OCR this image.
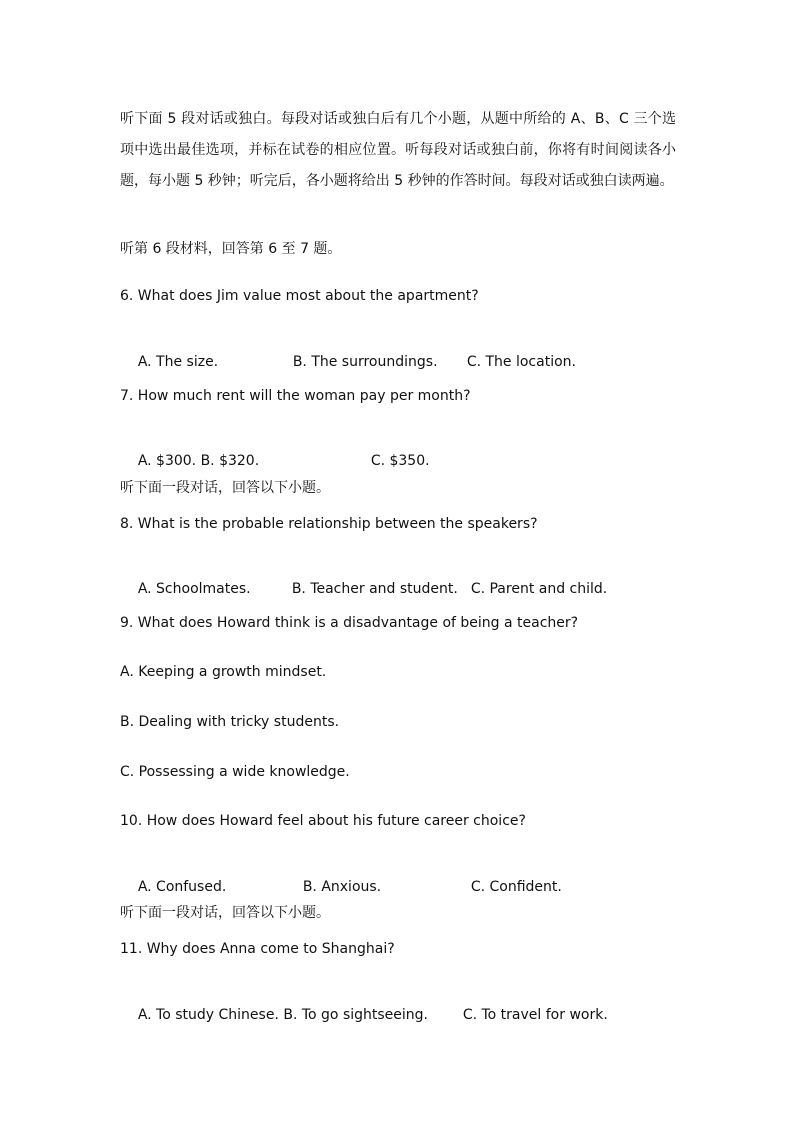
听下面 5 段对话或独白。每段对话或独白后有几个小题，从题中所给的 A、B、C 三个选项中选出最佳选项，并标在试卷的相应位置。听每段对话或独白前，你将有时间阅读各小题，每小题 5 秒钟；听完后，各小题将给出 5 秒钟的作答时间。每段对话或独白读两遍。

听第 6 段材料，回答第 6 至 7 题。
6. What does Jim value most about the apartment?

A. The size.	B. The surroundings. C. The location.

7. How much rent will the woman pay per month?

A. $300. B. $320.	C. $350.

听下面一段对话，回答以下小题。
8. What is the probable relationship between the speakers?

A. Schoolmates.	B. Teacher and student. C. Parent and child.

9. What does Howard think is a disadvantage of being a teacher?
A. Keeping a growth mindset.
B. Dealing with tricky students.
C. Possessing a wide knowledge.
10. How does Howard feel about his future career choice?

A. Confused.	B. Anxious.	C. Confident.

听下面一段对话，回答以下小题。
11. Why does Anna come to Shanghai?

A. To study Chinese. B. To go sightseeing. C. To travel for work.
